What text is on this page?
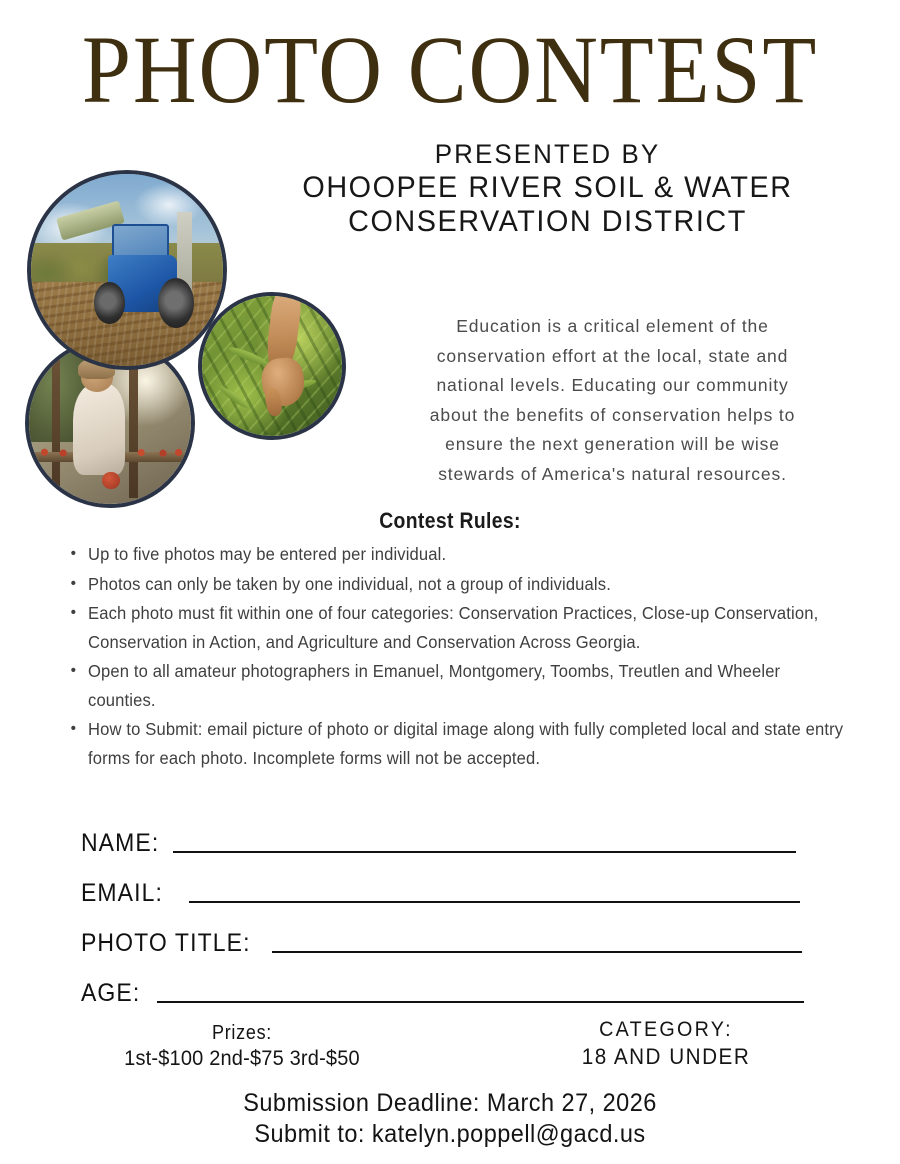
PHOTO CONTEST
PRESENTED BY
OHOOPEE RIVER SOIL & WATER
CONSERVATION DISTRICT
Education is a critical element of the conservation effort at the local, state and national levels. Educating our community about the benefits of conservation helps to ensure the next generation will be wise stewards of America's natural resources.
Contest Rules:
• Up to five photos may be entered per individual.
• Photos can only be taken by one individual, not a group of individuals.
• Each photo must fit within one of four categories: Conservation Practices, Close-up Conservation, Conservation in Action, and Agriculture and Conservation Across Georgia.
• Open to all amateur photographers in Emanuel, Montgomery, Toombs, Treutlen and Wheeler counties.
• How to Submit: email picture of photo or digital image along with fully completed local and state entry forms for each photo. Incomplete forms will not be accepted.
NAME:
EMAIL:
PHOTO TITLE:
AGE:
Prizes:
1st-$100 2nd-$75 3rd-$50
CATEGORY:
18 AND UNDER
Submission Deadline: March 27, 2026
Submit to: katelyn.poppell@gacd.us
